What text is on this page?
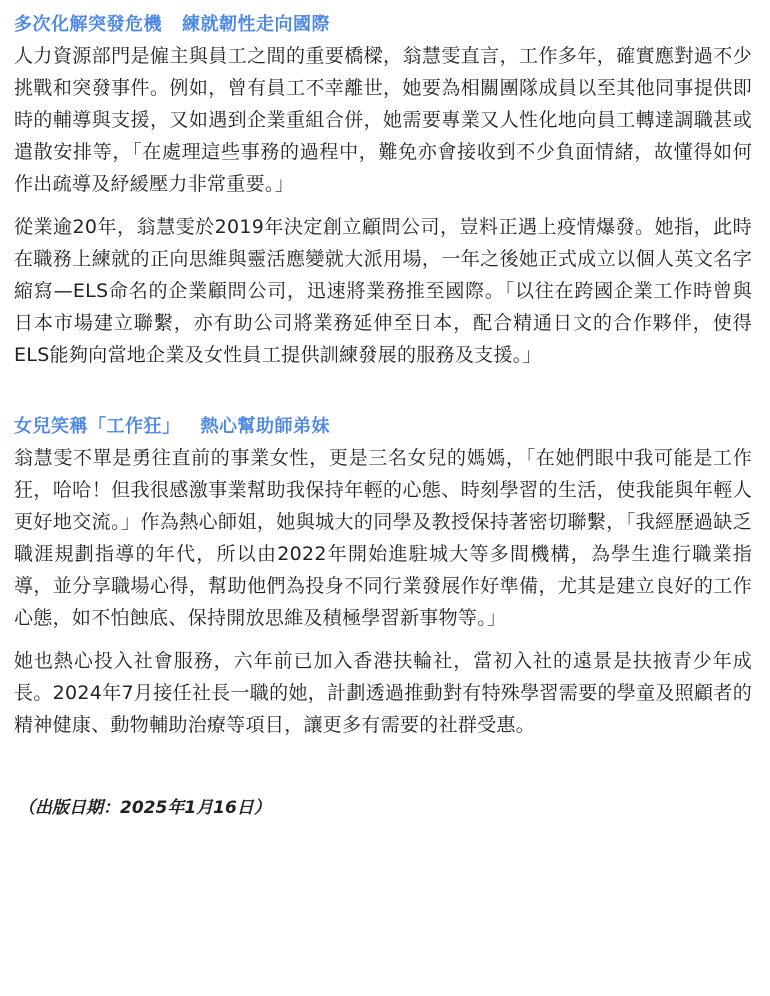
多次化解突發危機 練就韌性走向國際

人力資源部門是僱主與員工之間的重要橋樑，翁慧雯直言，工作多年，確實應對過不少挑戰和突發事件。例如，曾有員工不幸離世，她要為相關團隊成員以至其他同事提供即時的輔導與支援，又如遇到企業重組合併，她需要專業又人性化地向員工轉達調職甚或遣散安排等，「在處理這些事務的過程中，難免亦會接收到不少負面情緒，故懂得如何作出疏導及紓緩壓力非常重要。」

從業逾20年，翁慧雯於2019年決定創立顧問公司，豈料正遇上疫情爆發。她指，此時在職務上練就的正向思維與靈活應變就大派用場，一年之後她正式成立以個人英文名字縮寫—ELS命名的企業顧問公司，迅速將業務推至國際。「以往在跨國企業工作時曾與日本市場建立聯繫，亦有助公司將業務延伸至日本，配合精通日文的合作夥伴，使得ELS能夠向當地企業及女性員工提供訓練發展的服務及支援。」

女兒笑稱「工作狂」 熱心幫助師弟妹

翁慧雯不單是勇往直前的事業女性，更是三名女兒的媽媽，「在她們眼中我可能是工作狂，哈哈！但我很感激事業幫助我保持年輕的心態、時刻學習的生活，使我能與年輕人更好地交流。」作為熱心師姐，她與城大的同學及教授保持著密切聯繫，「我經歷過缺乏職涯規劃指導的年代，所以由2022年開始進駐城大等多間機構，為學生進行職業指導，並分享職場心得，幫助他們為投身不同行業發展作好準備，尤其是建立良好的工作心態，如不怕蝕底、保持開放思維及積極學習新事物等。」

她也熱心投入社會服務，六年前已加入香港扶輪社，當初入社的遠景是扶掖青少年成長。2024年7月接任社長一職的她，計劃透過推動對有特殊學習需要的學童及照顧者的精神健康、動物輔助治療等項目，讓更多有需要的社群受惠。

（出版日期：2025年1月16日）
